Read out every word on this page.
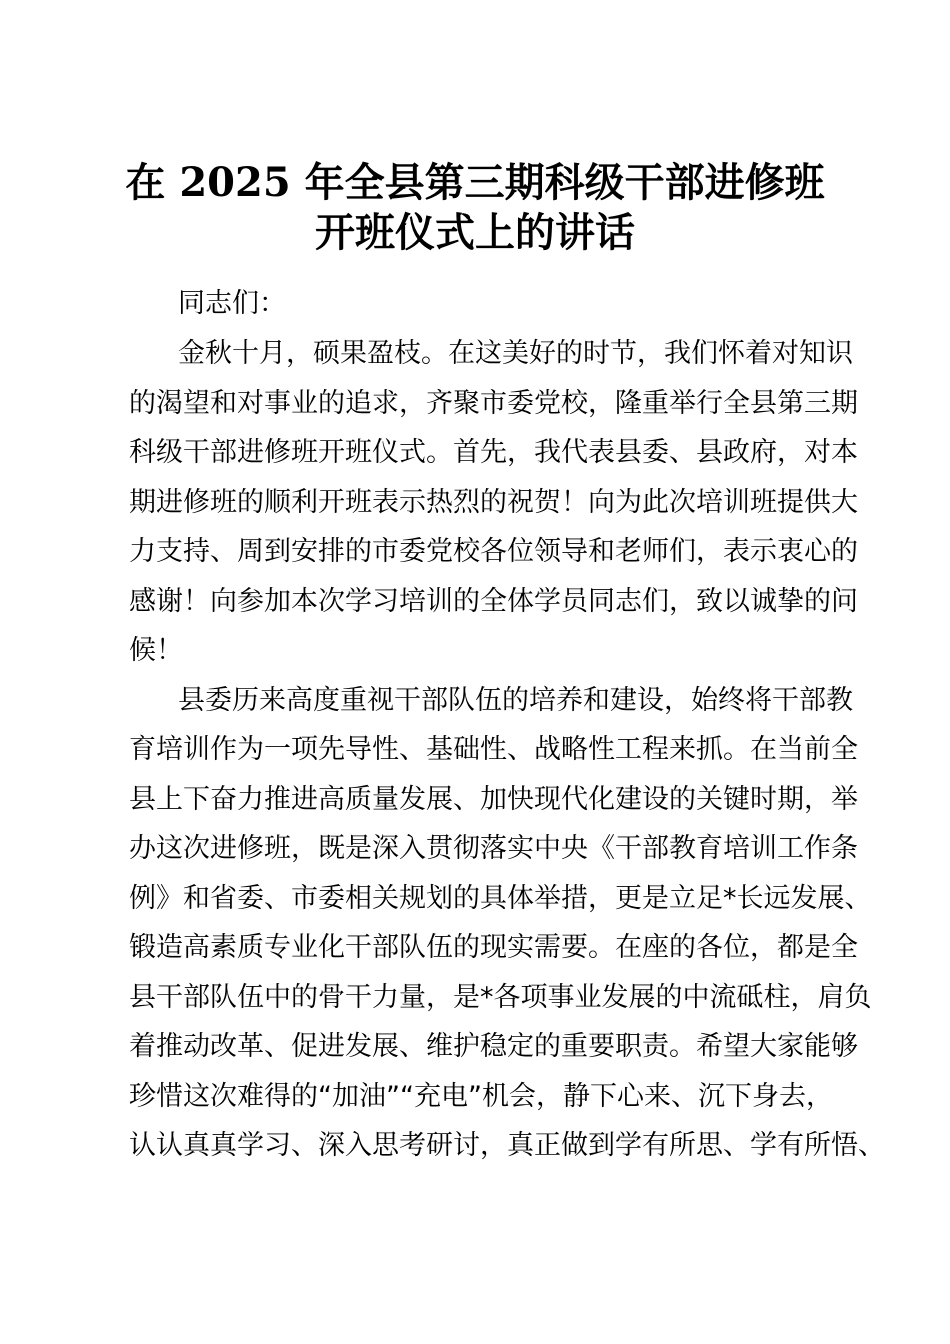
在 2025 年全县第三期科级干部进修班
开班仪式上的讲话
同志们：
金秋十月，硕果盈枝。在这美好的时节，我们怀着对知识
的渴望和对事业的追求，齐聚市委党校，隆重举行全县第三期
科级干部进修班开班仪式。首先，我代表县委、县政府，对本
期进修班的顺利开班表示热烈的祝贺！向为此次培训班提供大
力支持、周到安排的市委党校各位领导和老师们，表示衷心的
感谢！向参加本次学习培训的全体学员同志们，致以诚挚的问
候！
县委历来高度重视干部队伍的培养和建设，始终将干部教
育培训作为一项先导性、基础性、战略性工程来抓。在当前全
县上下奋力推进高质量发展、加快现代化建设的关键时期，举
办这次进修班，既是深入贯彻落实中央《干部教育培训工作条
例》和省委、市委相关规划的具体举措，更是立足*长远发展、
锻造高素质专业化干部队伍的现实需要。在座的各位，都是全
县干部队伍中的骨干力量，是*各项事业发展的中流砥柱，肩负
着推动改革、促进发展、维护稳定的重要职责。希望大家能够
珍惜这次难得的“加油”“充电”机会，静下心来、沉下身去，
认认真真学习、深入思考研讨，真正做到学有所思、学有所悟、
